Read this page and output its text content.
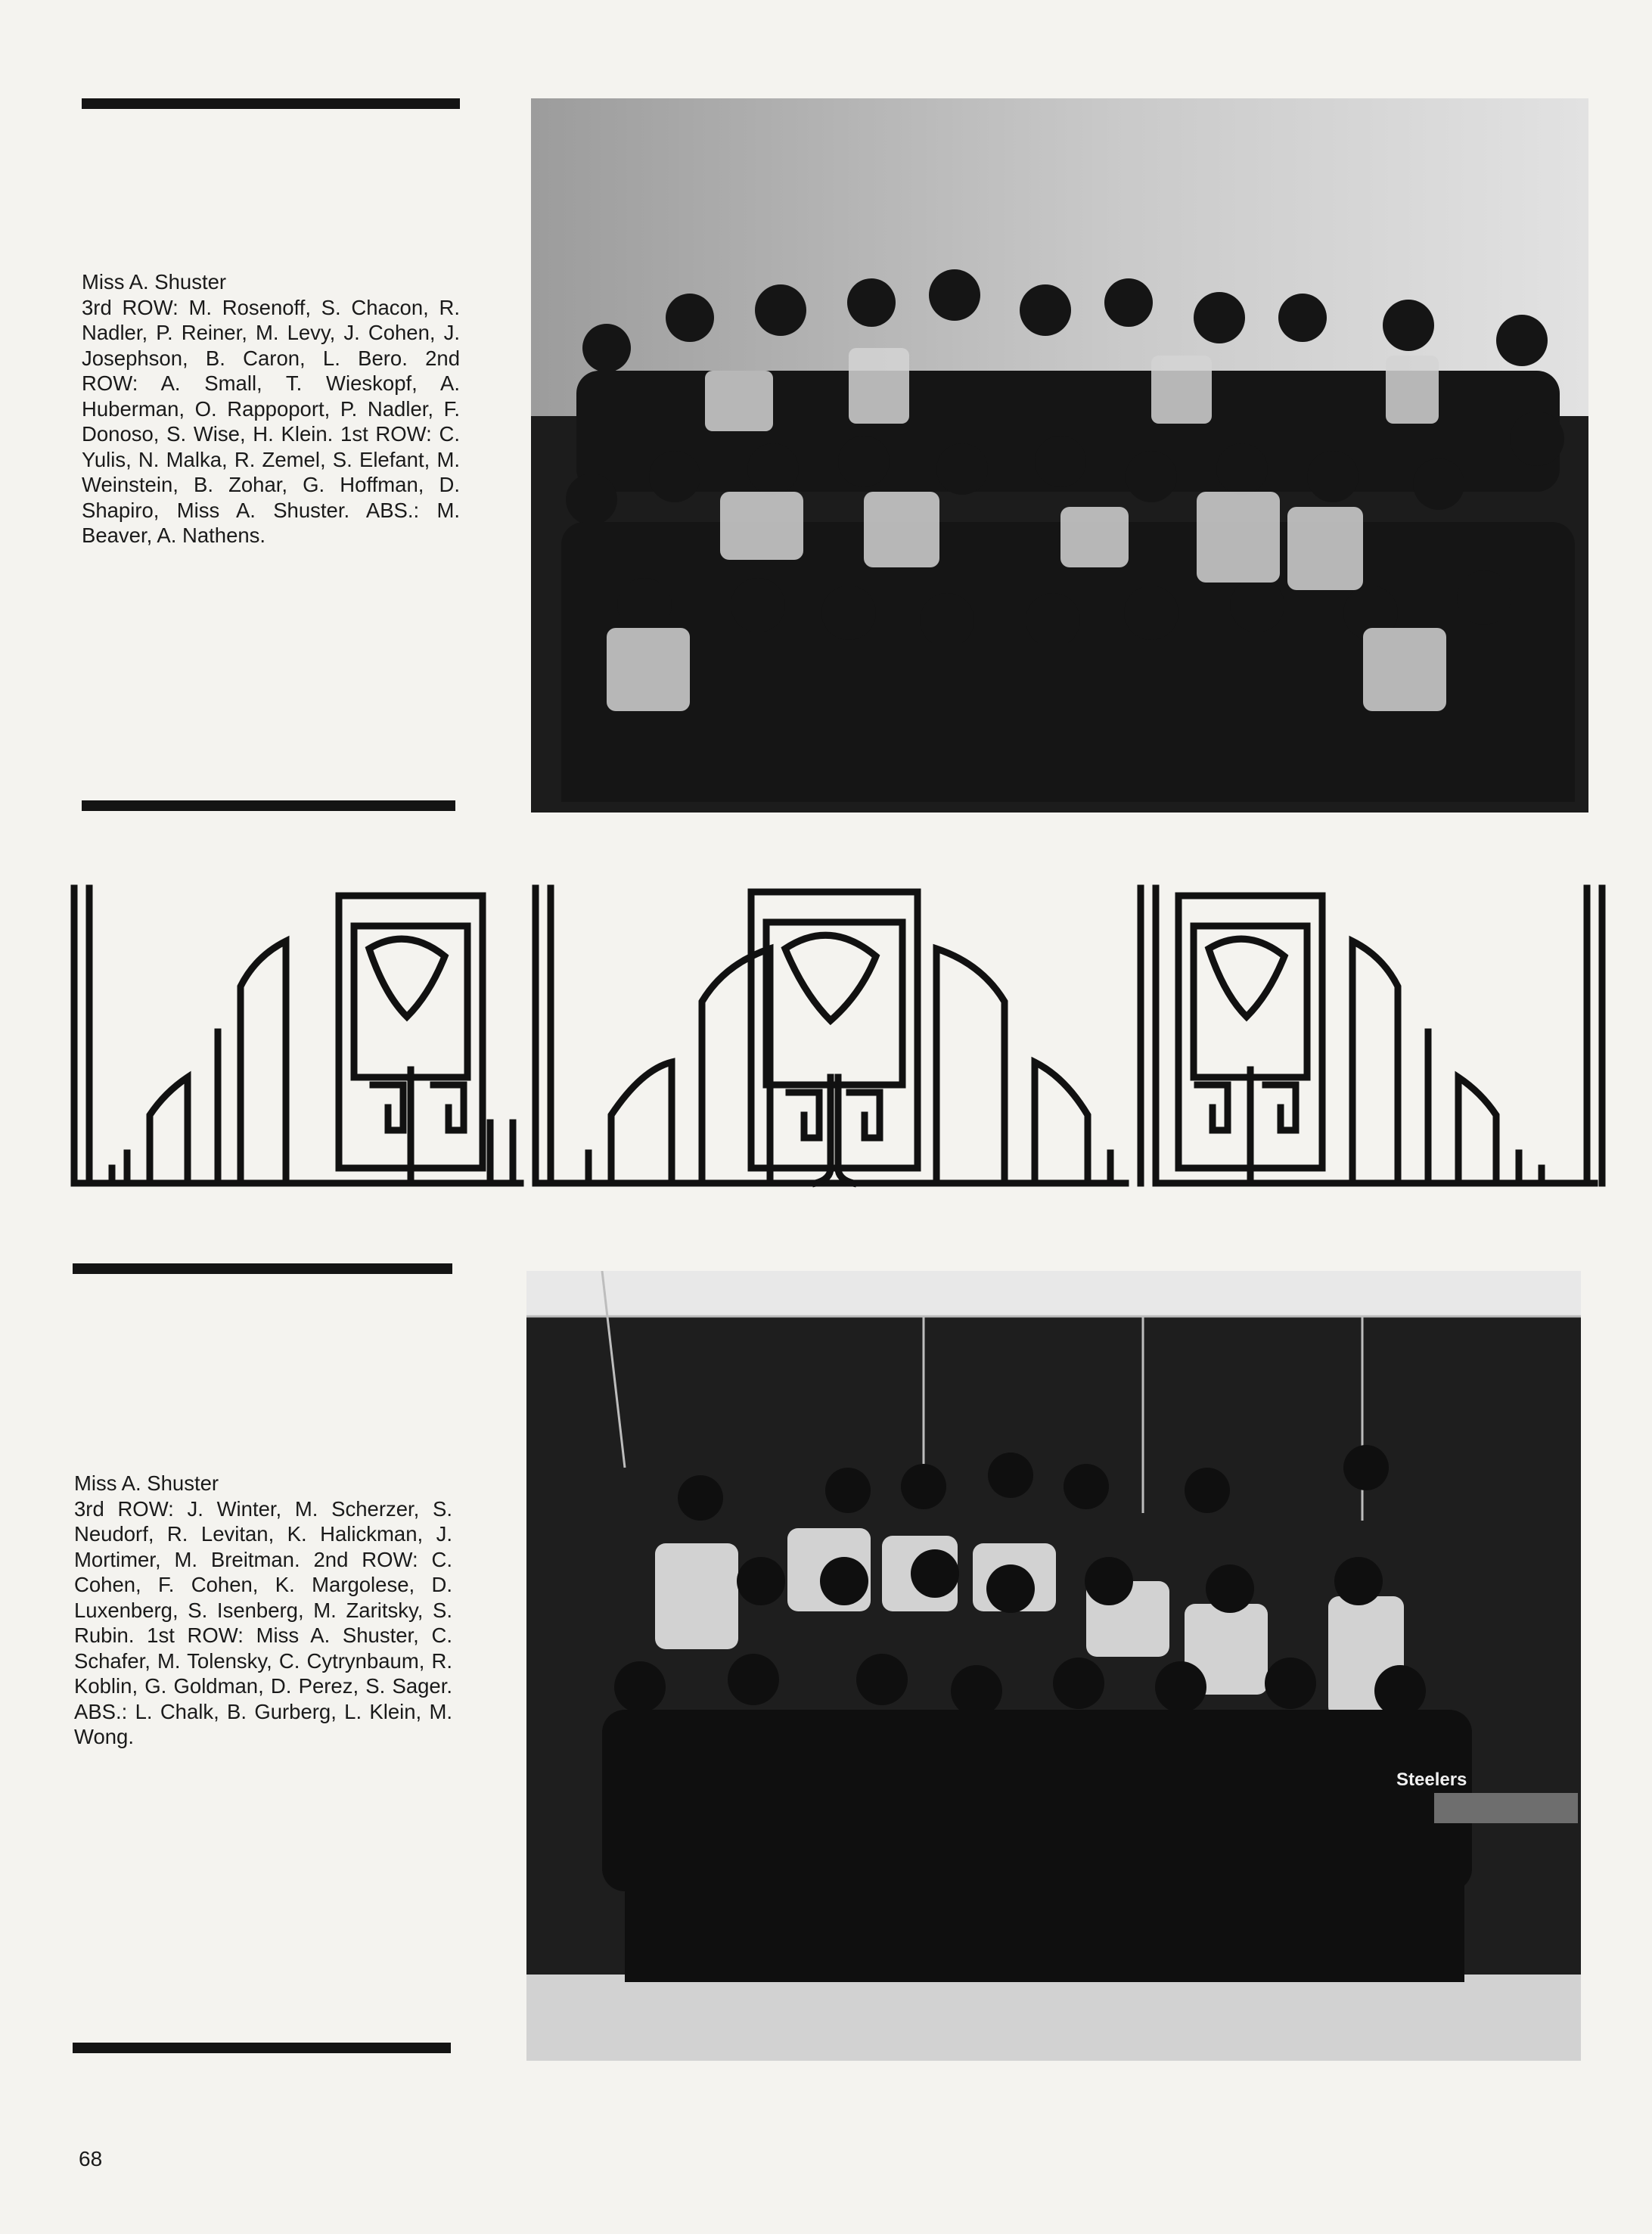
Miss A. Shuster
3rd ROW: M. Rosenoff, S. Chacon, R. Nadler, P. Reiner, M. Levy, J. Cohen, J. Josephson, B. Caron, L. Bero. 2nd ROW: A. Small, T. Wieskopf, A. Huberman, O. Rappoport, P. Nadler, F. Donoso, S. Wise, H. Klein. 1st ROW: C. Yulis, N. Malka, R. Zemel, S. Elefant, M. Weinstein, B. Zohar, G. Hoffman, D. Shapiro, Miss A. Shuster. ABS.: M. Beaver, A. Nathens.
Miss A. Shuster
3rd ROW: J. Winter, M. Scherzer, S. Neudorf, R. Levitan, K. Halickman, J. Mortimer, M. Breitman. 2nd ROW: C. Cohen, F. Cohen, K. Margolese, D. Luxenberg, S. Isenberg, M. Zaritsky, S. Rubin. 1st ROW: Miss A. Shuster, C. Schafer, M. Tolensky, C. Cytrynbaum, R. Koblin, G. Goldman, D. Perez, S. Sager. ABS.: L. Chalk, B. Gurberg, L. Klein, M. Wong.
Steelers
68
